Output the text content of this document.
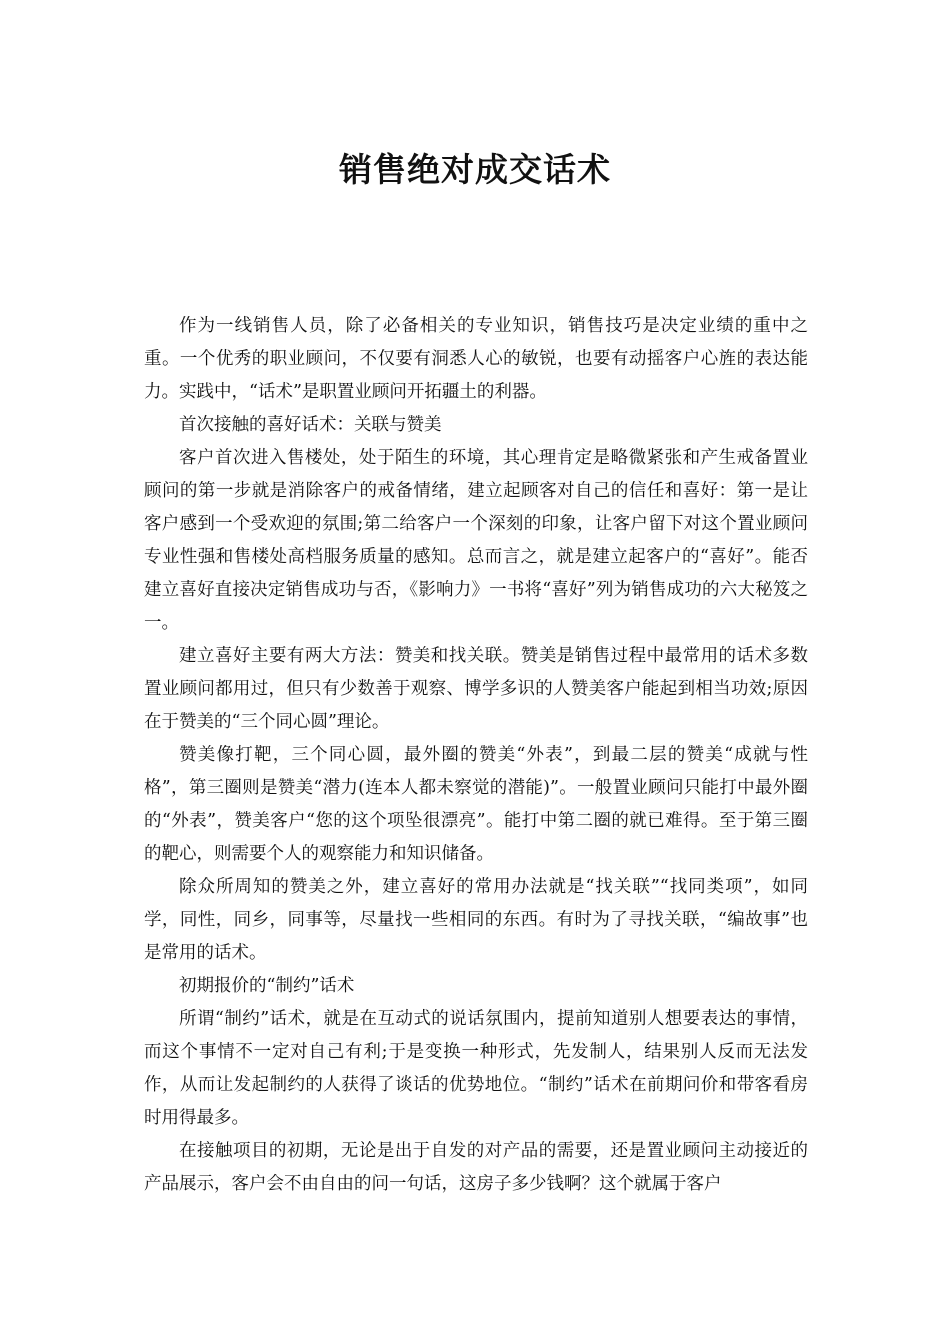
销售绝对成交话术

作为一线销售人员，除了必备相关的专业知识，销售技巧是决定业绩的重中之重。一个优秀的职业顾问，不仅要有洞悉人心的敏锐，也要有动摇客户心旌的表达能力。实践中，“话术”是职置业顾问开拓疆土的利器。

首次接触的喜好话术：关联与赞美

客户首次进入售楼处，处于陌生的环境，其心理肯定是略微紧张和产生戒备置业顾问的第一步就是消除客户的戒备情绪，建立起顾客对自己的信任和喜好：第一是让客户感到一个受欢迎的氛围;第二给客户一个深刻的印象，让客户留下对这个置业顾问专业性强和售楼处高档服务质量的感知。总而言之，就是建立起客户的“喜好”。能否建立喜好直接决定销售成功与否，《影响力》一书将“喜好”列为销售成功的六大秘笈之一。

建立喜好主要有两大方法：赞美和找关联。赞美是销售过程中最常用的话术多数置业顾问都用过，但只有少数善于观察、博学多识的人赞美客户能起到相当功效;原因在于赞美的“三个同心圆”理论。

赞美像打靶，三个同心圆，最外圈的赞美“外表”，到最二层的赞美“成就与性格”，第三圈则是赞美“潜力(连本人都未察觉的潜能)”。一般置业顾问只能打中最外圈的“外表”，赞美客户“您的这个项坠很漂亮”。能打中第二圈的就已难得。至于第三圈的靶心，则需要个人的观察能力和知识储备。

除众所周知的赞美之外，建立喜好的常用办法就是“找关联”“找同类项”，如同学，同性，同乡，同事等，尽量找一些相同的东西。有时为了寻找关联，“编故事”也是常用的话术。

初期报价的“制约”话术

所谓“制约”话术，就是在互动式的说话氛围内，提前知道别人想要表达的事情，而这个事情不一定对自己有利;于是变换一种形式，先发制人，结果别人反而无法发作，从而让发起制约的人获得了谈话的优势地位。“制约”话术在前期问价和带客看房时用得最多。

在接触项目的初期，无论是出于自发的对产品的需要，还是置业顾问主动接近的产品展示，客户会不由自由的问一句话，这房子多少钱啊？这个就属于客户
